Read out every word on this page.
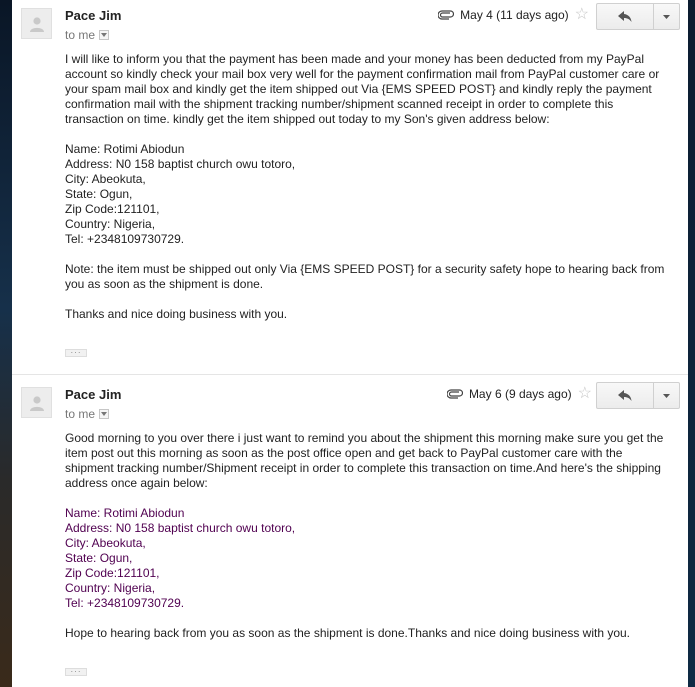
Pace Jim
to me
May 4 (11 days ago) ☆

I will like to inform you that the payment has been made and your money has been deducted from my PayPal account so kindly check your mail box very well for the payment confirmation mail from PayPal customer care or your spam mail box and kindly get the item shipped out Via {EMS SPEED POST} and kindly reply the payment confirmation mail with the shipment tracking number/shipment scanned receipt in order to complete this transaction on time. kindly get the item shipped out today to my Son's given address below:

Name: Rotimi Abiodun
Address: N0 158 baptist church owu totoro,
City: Abeokuta,
State: Ogun,
Zip Code:121101,
Country: Nigeria,
Tel: +2348109730729.

Note: the item must be shipped out only Via {EMS SPEED POST} for a security safety hope to hearing back from you as soon as the shipment is done.

Thanks and nice doing business with you.

···
Pace Jim
to me
May 6 (9 days ago) ☆

Good morning to you over there i just want to remind you about the shipment this morning make sure you get the item post out this morning as soon as the post office open and get back to PayPal customer care with the shipment tracking number/Shipment receipt in order to complete this transaction on time.And here's the shipping address once again below:

Name: Rotimi Abiodun
Address: N0 158 baptist church owu totoro,
City: Abeokuta,
State: Ogun,
Zip Code:121101,
Country: Nigeria,
Tel: +2348109730729.

Hope to hearing back from you as soon as the shipment is done.Thanks and nice doing business with you.

···
